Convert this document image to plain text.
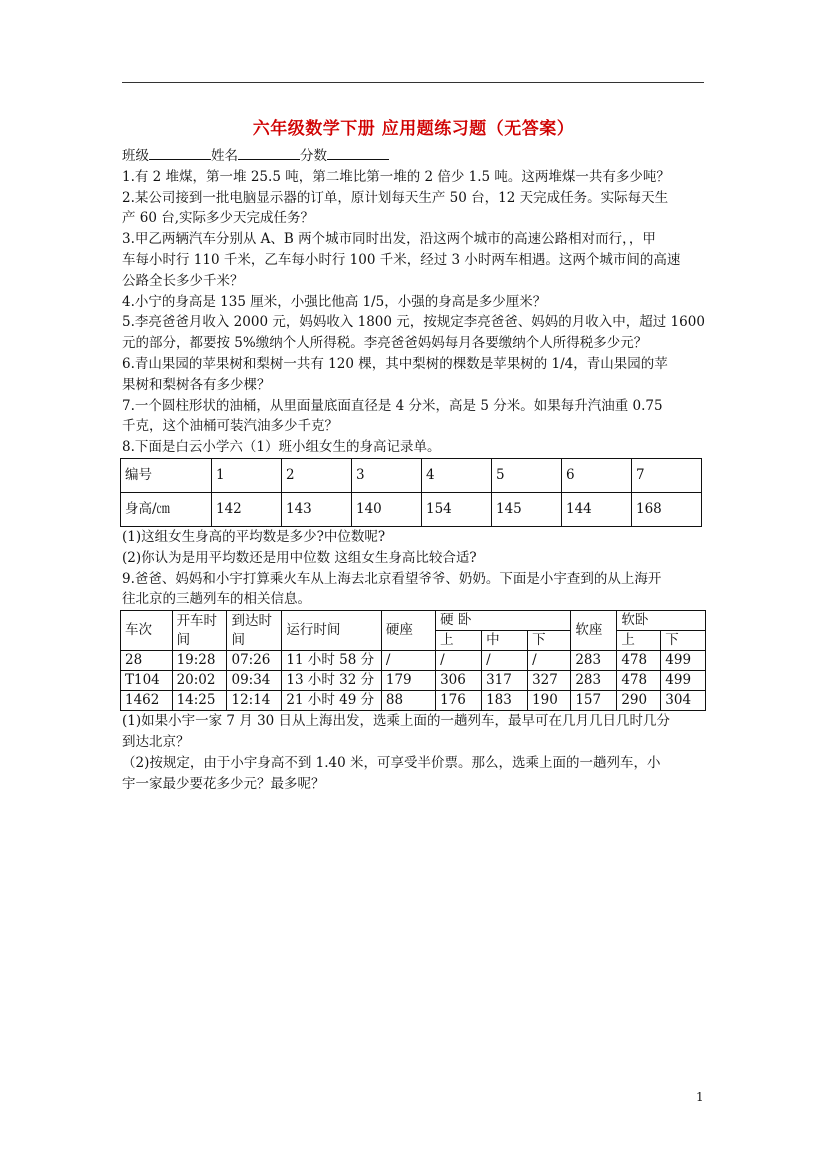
六年级数学下册 应用题练习题（无答案）

班级	姓名	分数

1.有 2 堆煤，第一堆 25.5 吨，第二堆比第一堆的 2 倍少 1.5 吨。这两堆煤一共有多少吨？

2.某公司接到一批电脑显示器的订单，原计划每天生产 50 台，12 天完成任务。实际每天生

产 60 台,实际多少天完成任务？

3.甲乙两辆汽车分别从 A、B 两个城市同时出发，沿这两个城市的高速公路相对而行，，甲

车每小时行 110 千米，乙车每小时行 100 千米，经过 3 小时两车相遇。这两个城市间的高速

公路全长多少千米？

4.小宁的身高是 135 厘米，小强比他高 1/5，小强的身高是多少厘米？

5.李亮爸爸月收入 2000 元，妈妈收入 1800 元，按规定李亮爸爸、妈妈的月收入中，超过 1600

元的部分，都要按 5%缴纳个人所得税。李亮爸爸妈妈每月各要缴纳个人所得税多少元？

6.青山果园的苹果树和梨树一共有 120 棵，其中梨树的棵数是苹果树的 1/4，青山果园的苹

果树和梨树各有多少棵？

7.一个圆柱形状的油桶，从里面量底面直径是 4 分米，高是 5 分米。如果每升汽油重 0.75

千克，这个油桶可装汽油多少千克？

8.下面是白云小学六（1）班小组女生的身高记录单。

编号	1	2	3	4	5	6	7
身高/㎝	142	143	140	154	145	144	168

(1)这组女生身高的平均数是多少?中位数呢?

(2)你认为是用平均数还是用中位数 这组女生身高比较合适?

9.爸爸、妈妈和小宇打算乘火车从上海去北京看望爷爷、奶奶。下面是小宇查到的从上海开

往北京的三趟列车的相关信息。

车次	开车时间	到达时间	运行时间	硬座	硬 卧			软座	软卧	
					上	中	下		上	下
28	19:28	07:26	11 小时 58 分	/	/	/	/	283	478	499
T104	20:02	09:34	13 小时 32 分	179	306	317	327	283	478	499
1462	14:25	12:14	21 小时 49 分	88	176	183	190	157	290	304

(1)如果小宇一家 7 月 30 日从上海出发，选乘上面的一趟列车，最早可在几月几日几时几分

到达北京？

（2)按规定，由于小宇身高不到 1.40 米，可享受半价票。那么，选乘上面的一趟列车，小

宇一家最少要花多少元？最多呢？

1
